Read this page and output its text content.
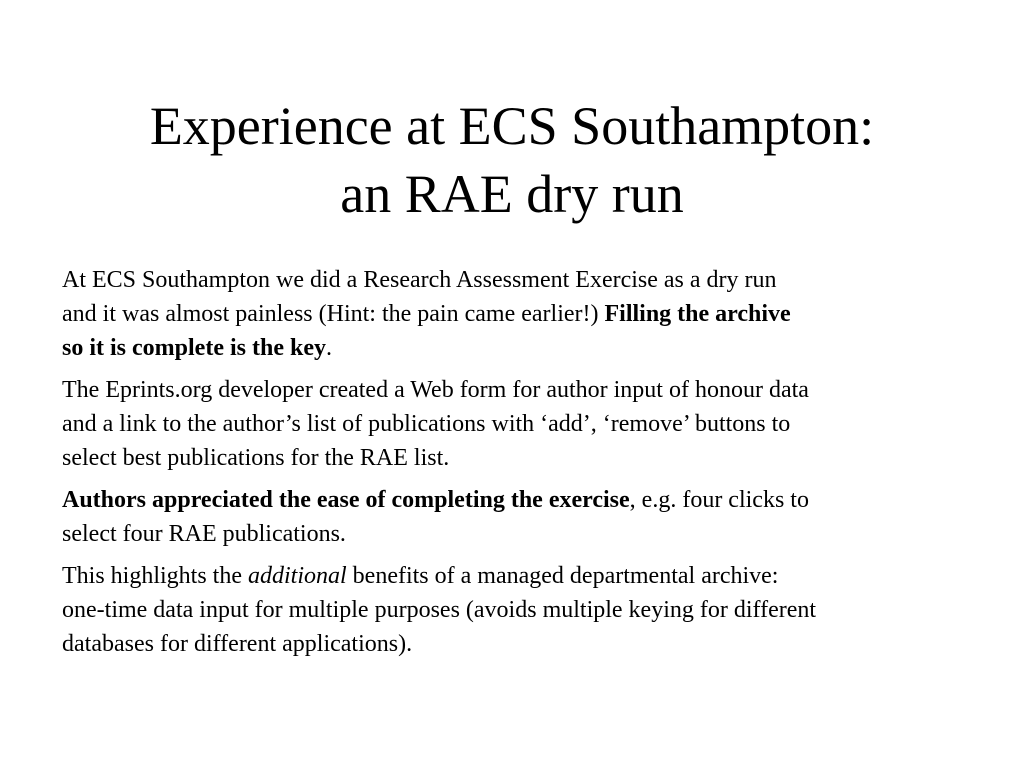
Experience at ECS Southampton:
an RAE dry run

At ECS Southampton we did a Research Assessment Exercise as a dry run
and it was almost painless (Hint: the pain came earlier!) Filling the archive
so it is complete is the key.

The Eprints.org developer created a Web form for author input of honour data
and a link to the author’s list of publications with ‘add’, ‘remove’ buttons to
select best publications for the RAE list.

Authors appreciated the ease of completing the exercise, e.g. four clicks to
select four RAE publications.

This highlights the additional benefits of a managed departmental archive:
one-time data input for multiple purposes (avoids multiple keying for different
databases for different applications).
